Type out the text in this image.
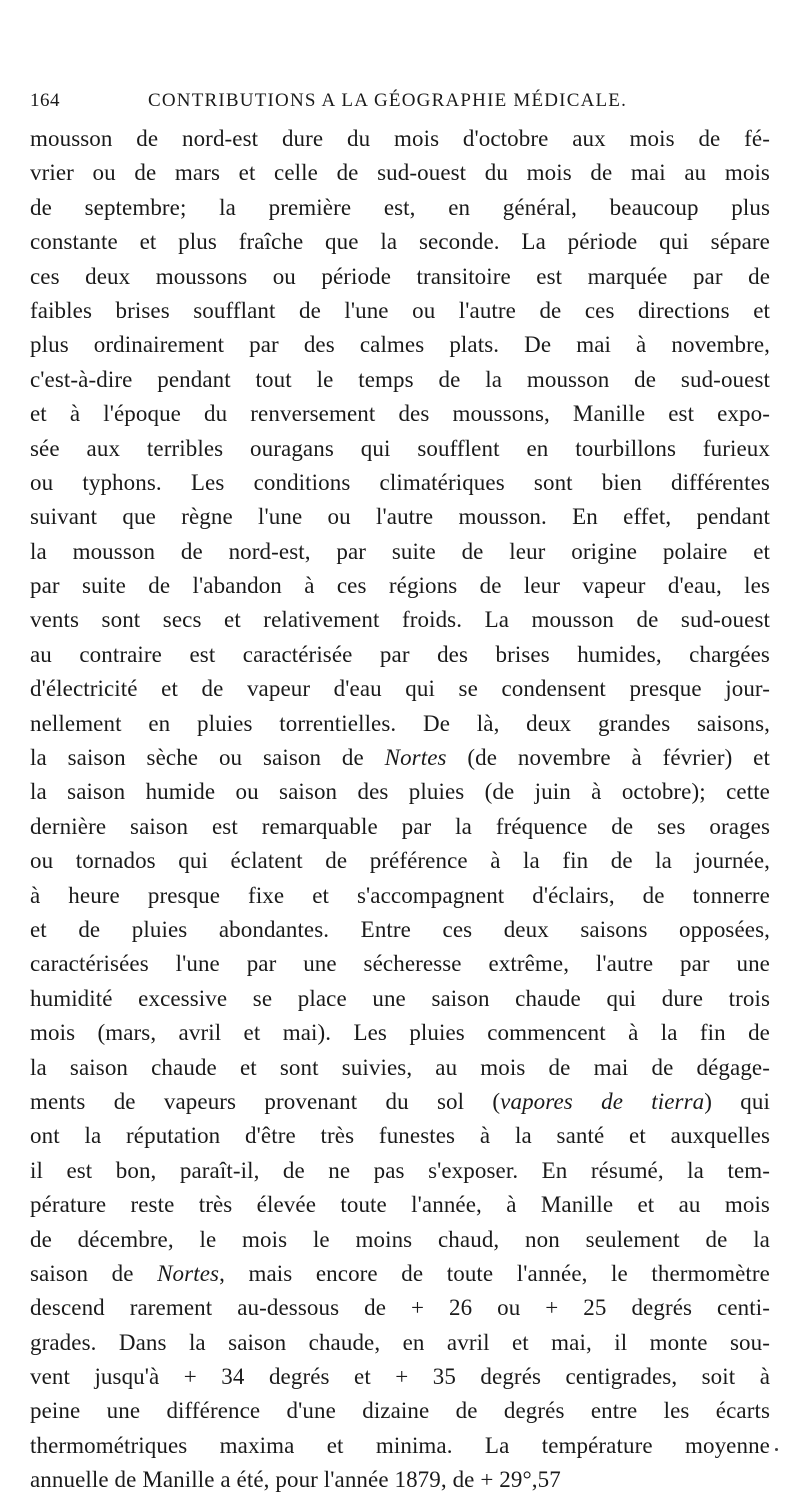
164	CONTRIBUTIONS A LA GÉOGRAPHIE MÉDICALE.
mousson de nord-est dure du mois d'octobre aux mois de fé-
vrier ou de mars et celle de sud-ouest du mois de mai au mois
de septembre; la première est, en général, beaucoup plus
constante et plus fraîche que la seconde. La période qui sépare
ces deux moussons ou période transitoire est marquée par de
faibles brises soufflant de l'une ou l'autre de ces directions et
plus ordinairement par des calmes plats. De mai à novembre,
c'est-à-dire pendant tout le temps de la mousson de sud-ouest
et à l'époque du renversement des moussons, Manille est expo-
sée aux terribles ouragans qui soufflent en tourbillons furieux
ou typhons. Les conditions climatériques sont bien différentes
suivant que règne l'une ou l'autre mousson. En effet, pendant
la mousson de nord-est, par suite de leur origine polaire et
par suite de l'abandon à ces régions de leur vapeur d'eau, les
vents sont secs et relativement froids. La mousson de sud-ouest
au contraire est caractérisée par des brises humides, chargées
d'électricité et de vapeur d'eau qui se condensent presque jour-
nellement en pluies torrentielles. De là, deux grandes saisons,
la saison sèche ou saison de Nortes (de novembre à février) et
la saison humide ou saison des pluies (de juin à octobre); cette
dernière saison est remarquable par la fréquence de ses orages
ou tornados qui éclatent de préférence à la fin de la journée,
à heure presque fixe et s'accompagnent d'éclairs, de tonnerre
et de pluies abondantes. Entre ces deux saisons opposées,
caractérisées l'une par une sécheresse extrême, l'autre par une
humidité excessive se place une saison chaude qui dure trois
mois (mars, avril et mai). Les pluies commencent à la fin de
la saison chaude et sont suivies, au mois de mai de dégage-
ments de vapeurs provenant du sol (vapores de tierra) qui
ont la réputation d'être très funestes à la santé et auxquelles
il est bon, paraît-il, de ne pas s'exposer. En résumé, la tem-
pérature reste très élevée toute l'année, à Manille et au mois
de décembre, le mois le moins chaud, non seulement de la
saison de Nortes, mais encore de toute l'année, le thermomètre
descend rarement au-dessous de + 26 ou + 25 degrés centi-
grades. Dans la saison chaude, en avril et mai, il monte sou-
vent jusqu'à + 34 degrés et + 35 degrés centigrades, soit à
peine une différence d'une dizaine de degrés entre les écarts
thermométriques maxima et minima. La température moyenne
annuelle de Manille a été, pour l'année 1879, de + 29°,57
